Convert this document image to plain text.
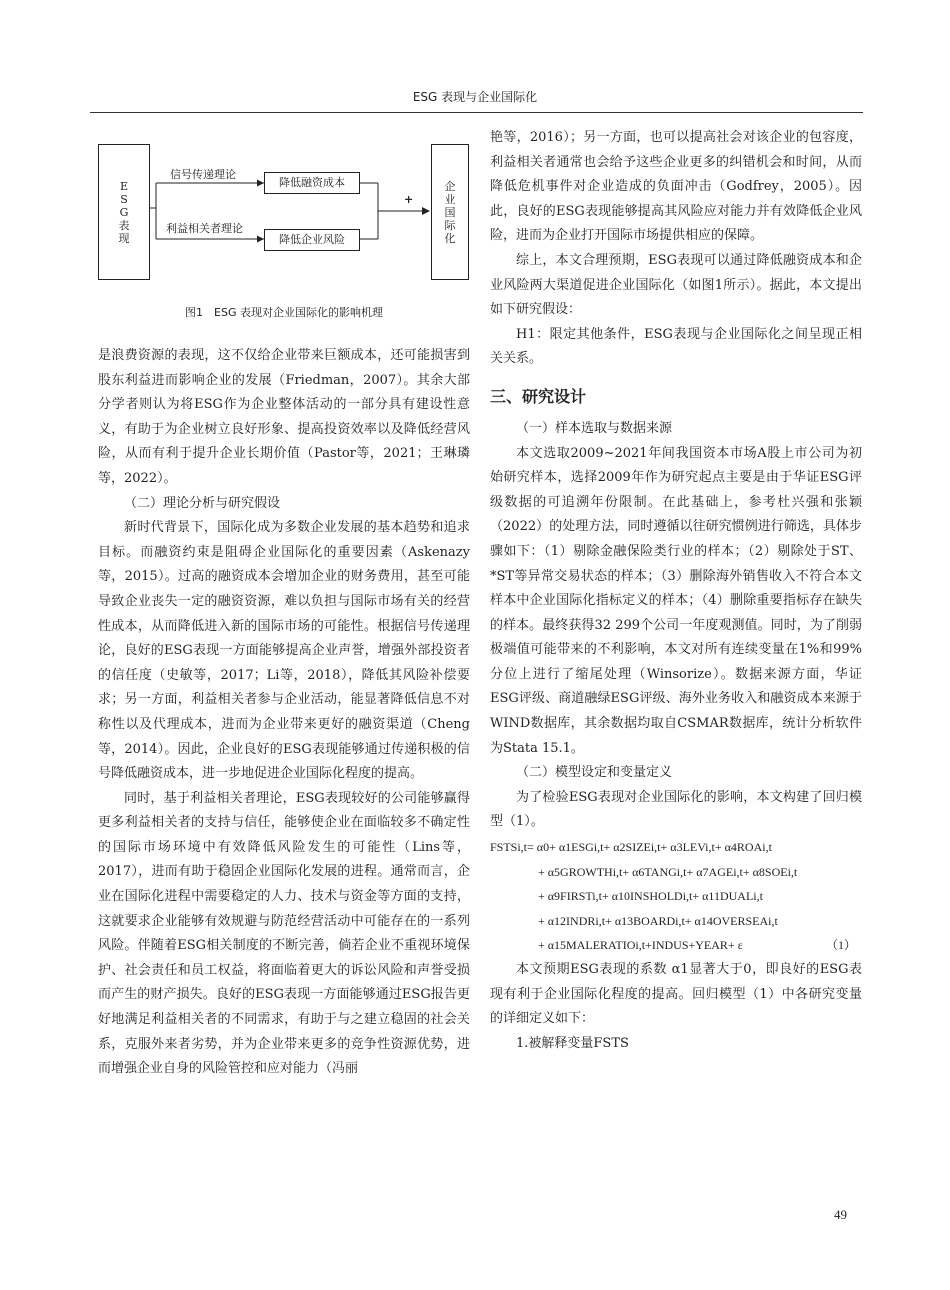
ESG 表现与企业国际化
E
S
G
表
现
信号传递理论
利益相关者理论
降低融资成本
降低企业风险
+
企
业
国
际
化
图1　ESG 表现对企业国际化的影响机理

是浪费资源的表现，这不仅给企业带来巨额成本，还可能损害到股东利益进而影响企业的发展（Friedman，2007）。其余大部分学者则认为将ESG作为企业整体活动的一部分具有建设性意义，有助于为企业树立良好形象、提高投资效率以及降低经营风险，从而有利于提升企业长期价值（Pastor等，2021；王琳璘等，2022）。

（二）理论分析与研究假设

新时代背景下，国际化成为多数企业发展的基本趋势和追求目标。而融资约束是阻碍企业国际化的重要因素（Askenazy等，2015）。过高的融资成本会增加企业的财务费用，甚至可能导致企业丧失一定的融资资源，难以负担与国际市场有关的经营性成本，从而降低进入新的国际市场的可能性。根据信号传递理论，良好的ESG表现一方面能够提高企业声誉，增强外部投资者的信任度（史敏等，2017；Li等，2018），降低其风险补偿要求；另一方面，利益相关者参与企业活动，能显著降低信息不对称性以及代理成本，进而为企业带来更好的融资渠道（Cheng等，2014）。因此，企业良好的ESG表现能够通过传递积极的信号降低融资成本，进一步地促进企业国际化程度的提高。

同时，基于利益相关者理论，ESG表现较好的公司能够赢得更多利益相关者的支持与信任，能够使企业在面临较多不确定性的国际市场环境中有效降低风险发生的可能性（Lins等，2017），进而有助于稳固企业国际化发展的进程。通常而言，企业在国际化进程中需要稳定的人力、技术与资金等方面的支持，这就要求企业能够有效规避与防范经营活动中可能存在的一系列风险。伴随着ESG相关制度的不断完善，倘若企业不重视环境保护、社会责任和员工权益，将面临着更大的诉讼风险和声誉受损而产生的财产损失。良好的ESG表现一方面能够通过ESG报告更好地满足利益相关者的不同需求，有助于与之建立稳固的社会关系，克服外来者劣势，并为企业带来更多的竞争性资源优势，进而增强企业自身的风险管控和应对能力（冯丽

艳等，2016）；另一方面，也可以提高社会对该企业的包容度，利益相关者通常也会给予这些企业更多的纠错机会和时间，从而降低危机事件对企业造成的负面冲击（Godfrey，2005）。因此，良好的ESG表现能够提高其风险应对能力并有效降低企业风险，进而为企业打开国际市场提供相应的保障。

综上，本文合理预期，ESG表现可以通过降低融资成本和企业风险两大渠道促进企业国际化（如图1所示）。据此，本文提出如下研究假设：

H1：限定其他条件，ESG表现与企业国际化之间呈现正相关关系。

三、研究设计
（一）样本选取与数据来源

本文选取2009~2021年间我国资本市场A股上市公司为初始研究样本，选择2009年作为研究起点主要是由于华证ESG评级数据的可追溯年份限制。在此基础上，参考杜兴强和张颖（2022）的处理方法，同时遵循以往研究惯例进行筛选，具体步骤如下：（1）剔除金融保险类行业的样本；（2）剔除处于ST、*ST等异常交易状态的样本；（3）删除海外销售收入不符合本文样本中企业国际化指标定义的样本；（4）删除重要指标存在缺失的样本。最终获得32 299个公司一年度观测值。同时，为了削弱极端值可能带来的不利影响，本文对所有连续变量在1%和99%分位上进行了缩尾处理（Winsorize）。数据来源方面，华证ESG评级、商道融绿ESG评级、海外业务收入和融资成本来源于WIND数据库，其余数据均取自CSMAR数据库，统计分析软件为Stata 15.1。

（二）模型设定和变量定义

为了检验ESG表现对企业国际化的影响，本文构建了回归模型（1）。

FSTSi,t= α0+ α1ESGi,t+ α2SIZEi,t+ α3LEVi,t+ α4ROAi,t
+ α5GROWTHi,t+ α6TANGi,t+ α7AGEi,t+ α8SOEi,t
+ α9FIRSTi,t+ α10INSHOLDi,t+ α11DUALi,t
+ α12INDRi,t+ α13BOARDi,t+ α14OVERSEAi,t
+ α15MALERATIOi,t+INDUS+YEAR+ ε	（1）

本文预期ESG表现的系数 α1显著大于0，即良好的ESG表现有利于企业国际化程度的提高。回归模型（1）中各研究变量的详细定义如下：

1.被解释变量FSTS
49
